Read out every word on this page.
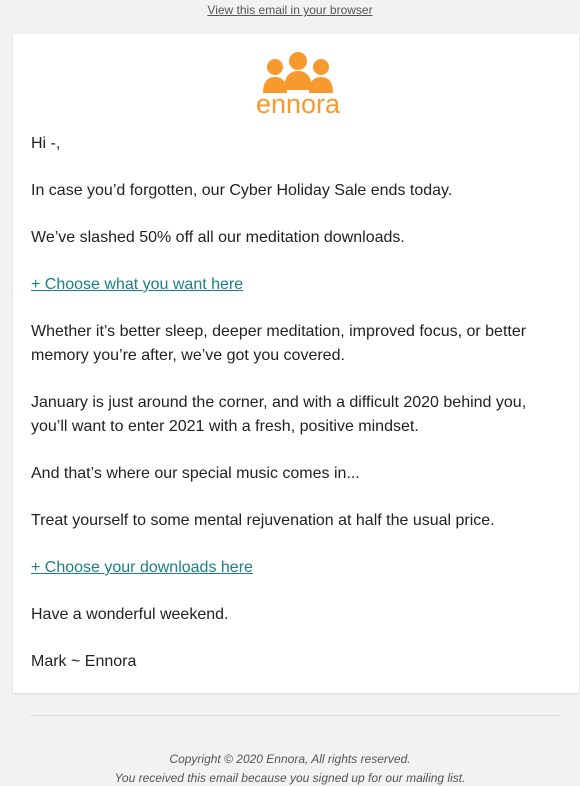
View this email in your browser
ennora

Hi -,

In case you’d forgotten, our Cyber Holiday Sale ends today.

We’ve slashed 50% off all our meditation downloads.

+ Choose what you want here

Whether it’s better sleep, deeper meditation, improved focus, or better memory you’re after, we’ve got you covered.

January is just around the corner, and with a difficult 2020 behind you, you’ll want to enter 2021 with a fresh, positive mindset.

And that’s where our special music comes in...

Treat yourself to some mental rejuvenation at half the usual price.

+ Choose your downloads here

Have a wonderful weekend.

Mark ~ Ennora

Copyright © 2020 Ennora, All rights reserved.
You received this email because you signed up for our mailing list.
